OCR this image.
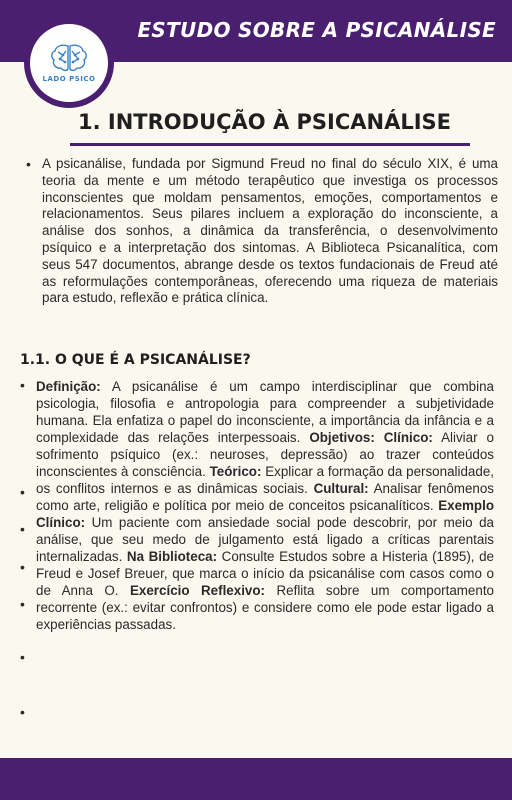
ESTUDO SOBRE A PSICANÁLISE
LADO PSICO
1. INTRODUÇÃO À PSICANÁLISE
• A psicanálise, fundada por Sigmund Freud no final do século XIX, é uma teoria da mente e um método terapêutico que investiga os processos inconscientes que moldam pensamentos, emoções, comportamentos e relacionamentos. Seus pilares incluem a exploração do inconsciente, a análise dos sonhos, a dinâmica da transferência, o desenvolvimento psíquico e a interpretação dos sintomas. A Biblioteca Psicanalítica, com seus 547 documentos, abrange desde os textos fundacionais de Freud até as reformulações contemporâneas, oferecendo uma riqueza de materiais para estudo, reflexão e prática clínica.
1.1. O QUE É A PSICANÁLISE?
•
•
•
•
•
•
•
Definição: A psicanálise é um campo interdisciplinar que combina psicologia, filosofia e antropologia para compreender a subjetividade humana. Ela enfatiza o papel do inconsciente, a importância da infância e a complexidade das relações interpessoais. Objetivos: Clínico: Aliviar o sofrimento psíquico (ex.: neuroses, depressão) ao trazer conteúdos inconscientes à consciência. Teórico: Explicar a formação da personalidade, os conflitos internos e as dinâmicas sociais. Cultural: Analisar fenômenos como arte, religião e política por meio de conceitos psicanalíticos. Exemplo Clínico: Um paciente com ansiedade social pode descobrir, por meio da análise, que seu medo de julgamento está ligado a críticas parentais internalizadas. Na Biblioteca: Consulte Estudos sobre a Histeria (1895), de Freud e Josef Breuer, que marca o início da psicanálise com casos como o de Anna O. Exercício Reflexivo: Reflita sobre um comportamento recorrente (ex.: evitar confrontos) e considere como ele pode estar ligado a experiências passadas.
